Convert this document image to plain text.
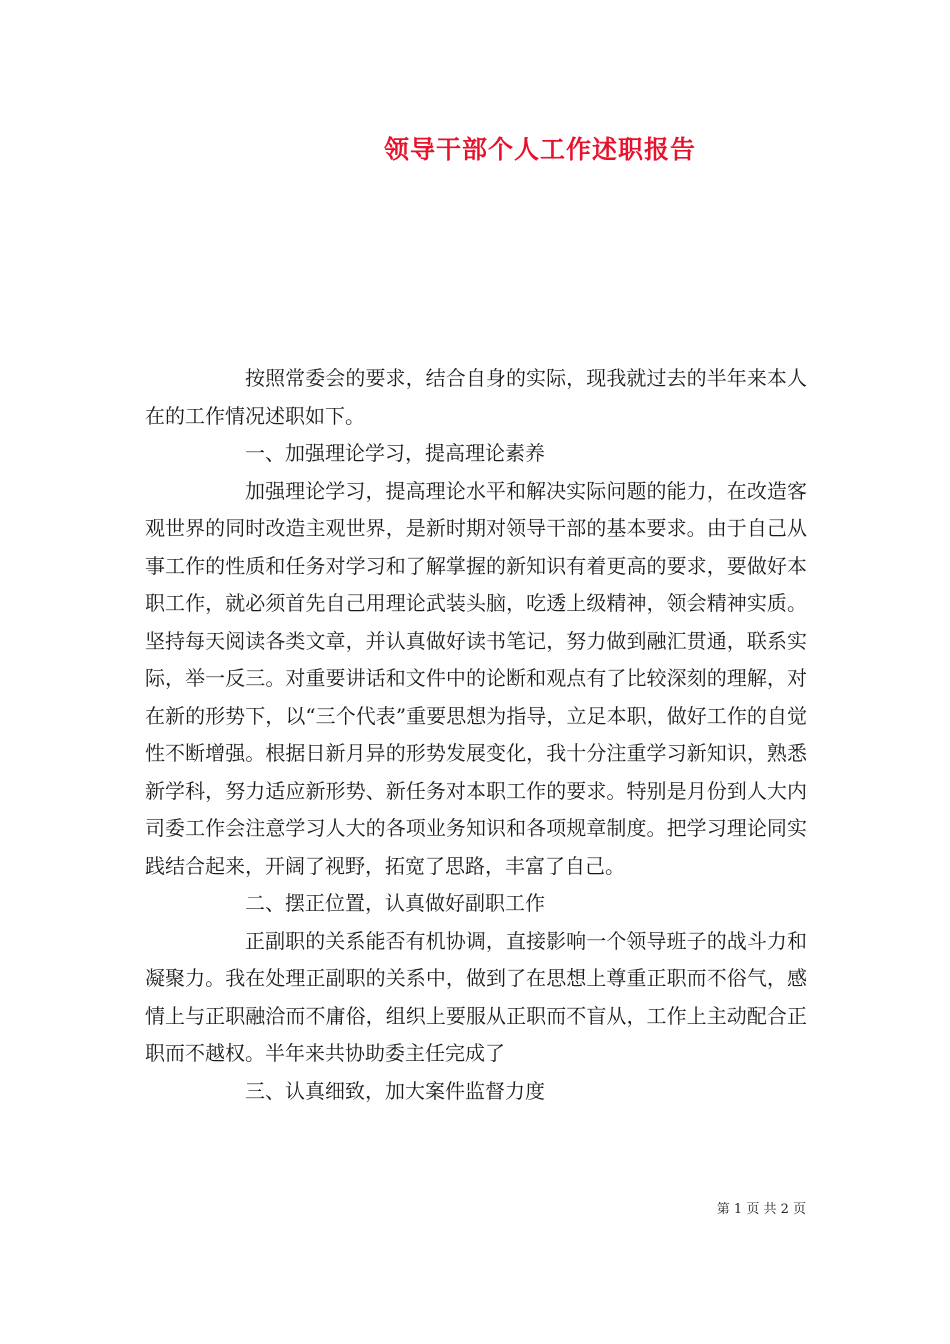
领导干部个人工作述职报告

按照常委会的要求，结合自身的实际，现我就过去的半年来本人在的工作情况述职如下。

一、加强理论学习，提高理论素养

加强理论学习，提高理论水平和解决实际问题的能力，在改造客观世界的同时改造主观世界，是新时期对领导干部的基本要求。由于自己从事工作的性质和任务对学习和了解掌握的新知识有着更高的要求，要做好本职工作，就必须首先自己用理论武装头脑，吃透上级精神，领会精神实质。坚持每天阅读各类文章，并认真做好读书笔记，努力做到融汇贯通，联系实际，举一反三。对重要讲话和文件中的论断和观点有了比较深刻的理解，对在新的形势下，以“三个代表”重要思想为指导，立足本职，做好工作的自觉性不断增强。根据日新月异的形势发展变化，我十分注重学习新知识，熟悉新学科，努力适应新形势、新任务对本职工作的要求。特别是月份到人大内司委工作会注意学习人大的各项业务知识和各项规章制度。把学习理论同实践结合起来，开阔了视野，拓宽了思路，丰富了自己。

二、摆正位置，认真做好副职工作

正副职的关系能否有机协调，直接影响一个领导班子的战斗力和凝聚力。我在处理正副职的关系中，做到了在思想上尊重正职而不俗气，感情上与正职融洽而不庸俗，组织上要服从正职而不盲从，工作上主动配合正职而不越权。半年来共协助委主任完成了

三、认真细致，加大案件监督力度

第 1 页 共 2 页
